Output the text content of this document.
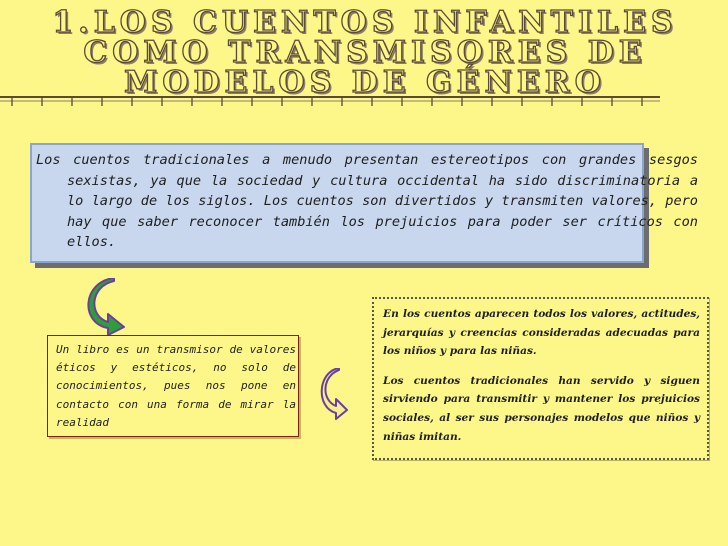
1.LOS CUENTOS INFANTILES
COMO TRANSMISORES DE
MODELOS DE GÉNERO
Los cuentos tradicionales a menudo presentan estereotipos con grandes sesgos sexistas, ya que la sociedad y cultura occidental ha sido discriminatoria a lo largo de los siglos. Los cuentos son divertidos y transmiten valores, pero hay que saber reconocer también los prejuicios para poder ser críticos con ellos.
Un libro es un transmisor de valores éticos y estéticos, no solo de conocimientos, pues nos pone en contacto con una forma de mirar la realidad

En los cuentos aparecen todos los valores, actitudes, jerarquías y creencias consideradas adecuadas para los niños y para las niñas.

Los cuentos tradicionales han servido y siguen sirviendo para transmitir y mantener los prejuicios sociales, al ser sus personajes modelos que niños y niñas imitan.
